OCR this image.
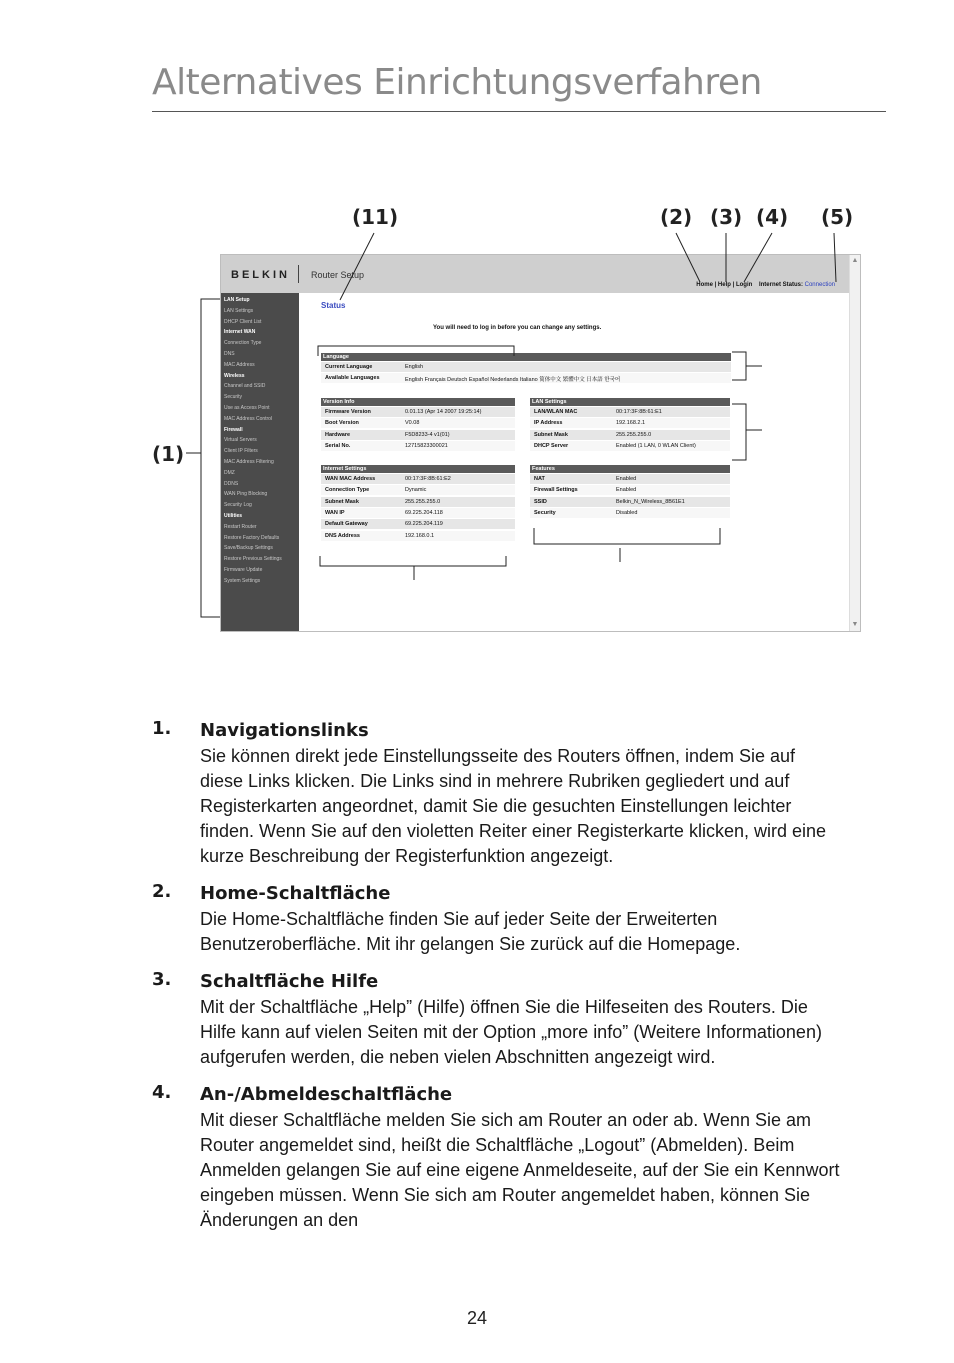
Alternatives Einrichtungsverfahren
(11)	(2) (3) (4) (5)
(1)
BELKIN Router Setup
Home | Help | Login Internet Status: Connection
▲
▼
LAN Setup
LAN Settings
DHCP Client List
Internet WAN
Connection Type
DNS
MAC Address
Wireless
Channel and SSID
Security
Use as Access Point
MAC Address Control
Firewall
Virtual Servers
Client IP Filters
MAC Address Filtering
DMZ
DDNS
WAN Ping Blocking
Security Log
Utilities
Restart Router
Restore Factory Defaults
Save/Backup Settings
Restore Previous Settings
Firmware Update
System Settings
Status
You will need to log in before you can change any settings.
Language
Current Language	English
Available Languages	English Français Deutsch Español Nederlands Italiano 简体中文 繁體中文 日本語 한국어
Version Info
Firmware Version	0.01.13 (Apr 14 2007 19:25:14)
Boot Version	V0.08
Hardware	F5D8233-4 v1(01)
Serial No.	12715823300021
LAN Settings
LAN/WLAN MAC	00:17:3F:8B:61:E1
IP Address	192.168.2.1
Subnet Mask	255.255.255.0
DHCP Server	Enabled (1 LAN, 0 WLAN Client)
Internet Settings
WAN MAC Address	00:17:3F:8B:61:E2
Connection Type	Dynamic
Subnet Mask	255.255.255.0
WAN IP	69.225.204.118
Default Gateway	69.225.204.119
DNS Address	192.168.0.1
Features
NAT	Enabled
Firewall Settings	Enabled
SSID	Belkin_N_Wireless_8B61E1
Security	Disabled
1. Navigationslinks
Sie können direkt jede Einstellungsseite des Routers öffnen, indem Sie auf diese Links klicken. Die Links sind in mehrere Rubriken gegliedert und auf Registerkarten angeordnet, damit Sie die gesuchten Einstellungen leichter finden. Wenn Sie auf den violetten Reiter einer Registerkarte klicken, wird eine kurze Beschreibung der Registerfunktion angezeigt.
2. Home-Schaltfläche
Die Home-Schaltfläche finden Sie auf jeder Seite der Erweiterten Benutzeroberfläche. Mit ihr gelangen Sie zurück auf die Homepage.
3. Schaltfläche Hilfe
Mit der Schaltfläche „Help” (Hilfe) öffnen Sie die Hilfeseiten des Routers. Die Hilfe kann auf vielen Seiten mit der Option „more info” (Weitere Informationen) aufgerufen werden, die neben vielen Abschnitten angezeigt wird.
4. An-/Abmeldeschaltfläche
Mit dieser Schaltfläche melden Sie sich am Router an oder ab. Wenn Sie am Router angemeldet sind, heißt die Schaltfläche „Logout” (Abmelden). Beim Anmelden gelangen Sie auf eine eigene Anmeldeseite, auf der Sie ein Kennwort eingeben müssen. Wenn Sie sich am Router angemeldet haben, können Sie Änderungen an den
24
